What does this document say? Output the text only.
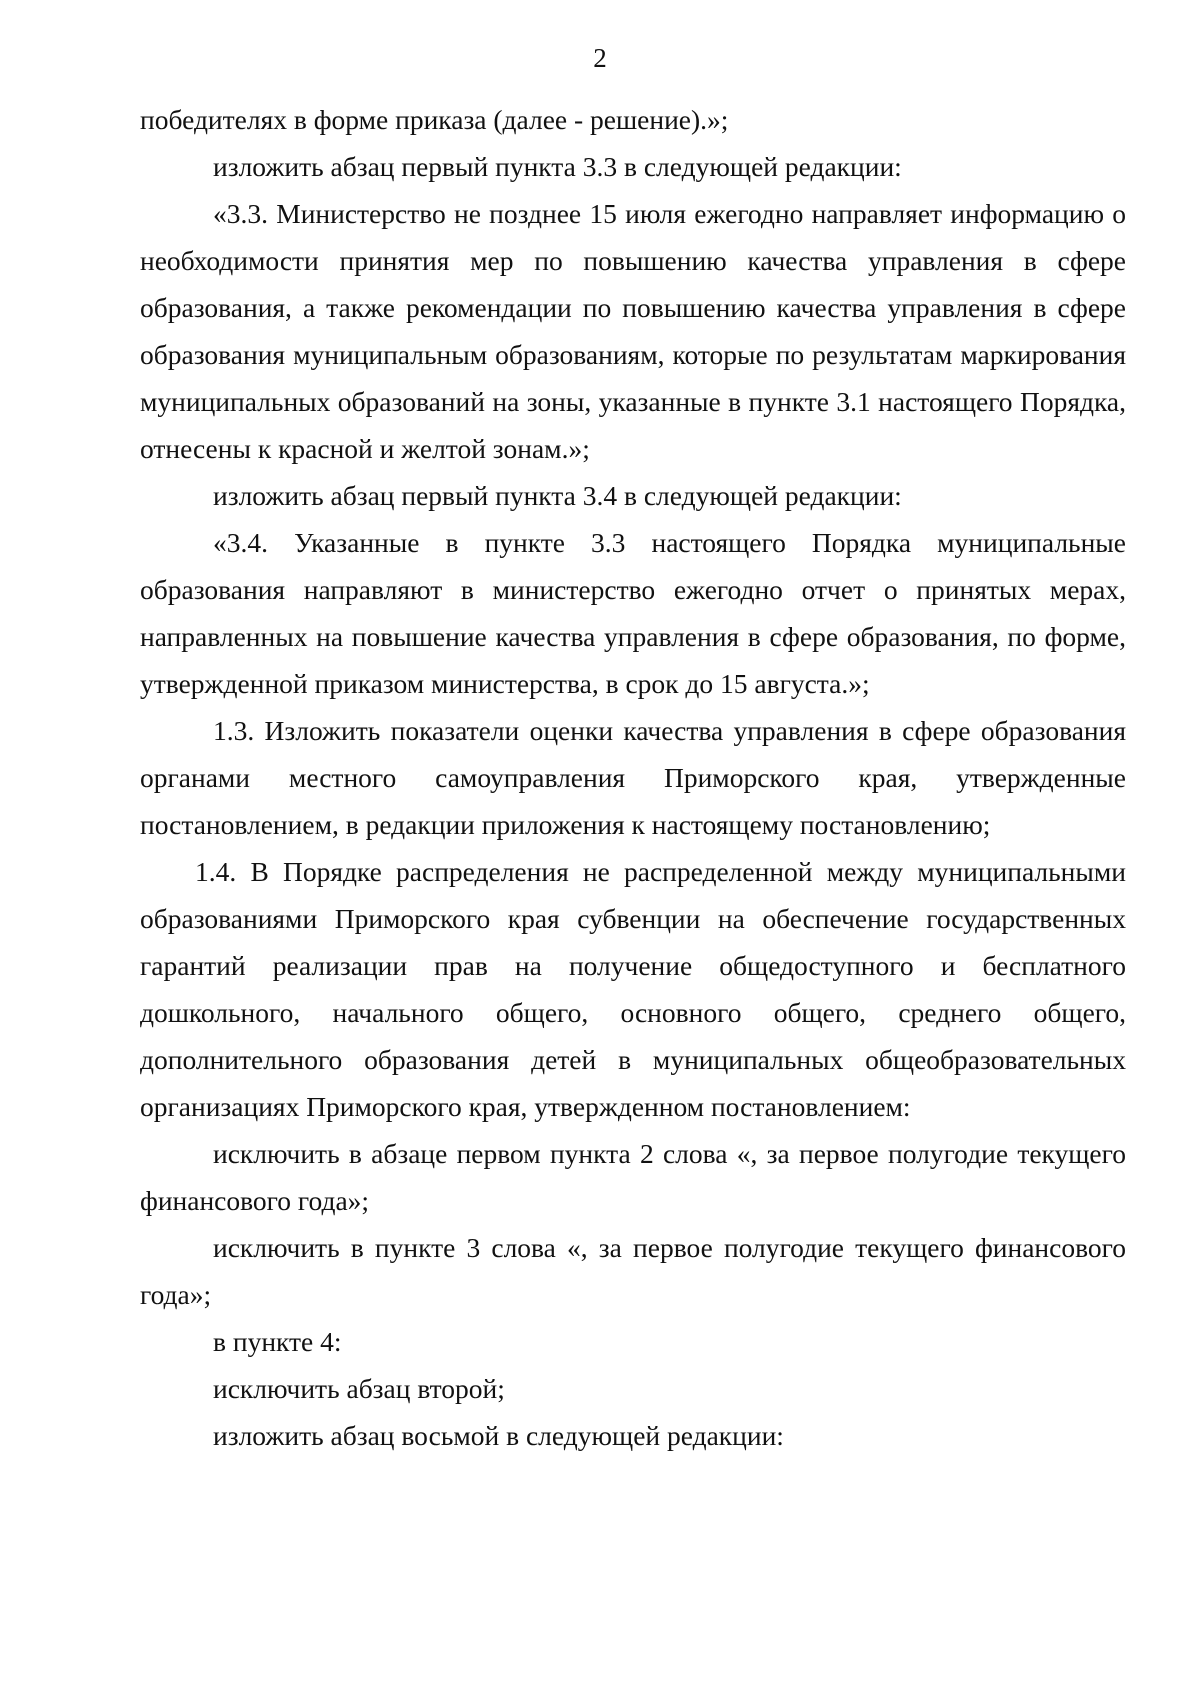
2

победителях в форме приказа (далее - решение).»;

изложить абзац первый пункта 3.3 в следующей редакции:

«3.3. Министерство не позднее 15 июля ежегодно направляет информацию о необходимости принятия мер по повышению качества управления в сфере образования, а также рекомендации по повышению качества управления в сфере образования муниципальным образованиям, которые по результатам маркирования муниципальных образований на зоны, указанные в пункте 3.1 настоящего Порядка, отнесены к красной и желтой зонам.»;

изложить абзац первый пункта 3.4 в следующей редакции:

«3.4. Указанные в пункте 3.3 настоящего Порядка муниципальные образования направляют в министерство ежегодно отчет о принятых мерах, направленных на повышение качества управления в сфере образования, по форме, утвержденной приказом министерства, в срок до 15 августа.»;

1.3. Изложить показатели оценки качества управления в сфере образования органами местного самоуправления Приморского края, утвержденные постановлением, в редакции приложения к настоящему постановлению;

1.4. В Порядке распределения не распределенной между муниципальными образованиями Приморского края субвенции на обеспечение государственных гарантий реализации прав на получение общедоступного и бесплатного дошкольного, начального общего, основного общего, среднего общего, дополнительного образования детей в муниципальных общеобразовательных организациях Приморского края, утвержденном постановлением:

исключить в абзаце первом пункта 2 слова «, за первое полугодие текущего финансового года»;

исключить в пункте 3 слова «, за первое полугодие текущего финансового года»;

в пункте 4:

исключить абзац второй;

изложить абзац восьмой в следующей редакции:
